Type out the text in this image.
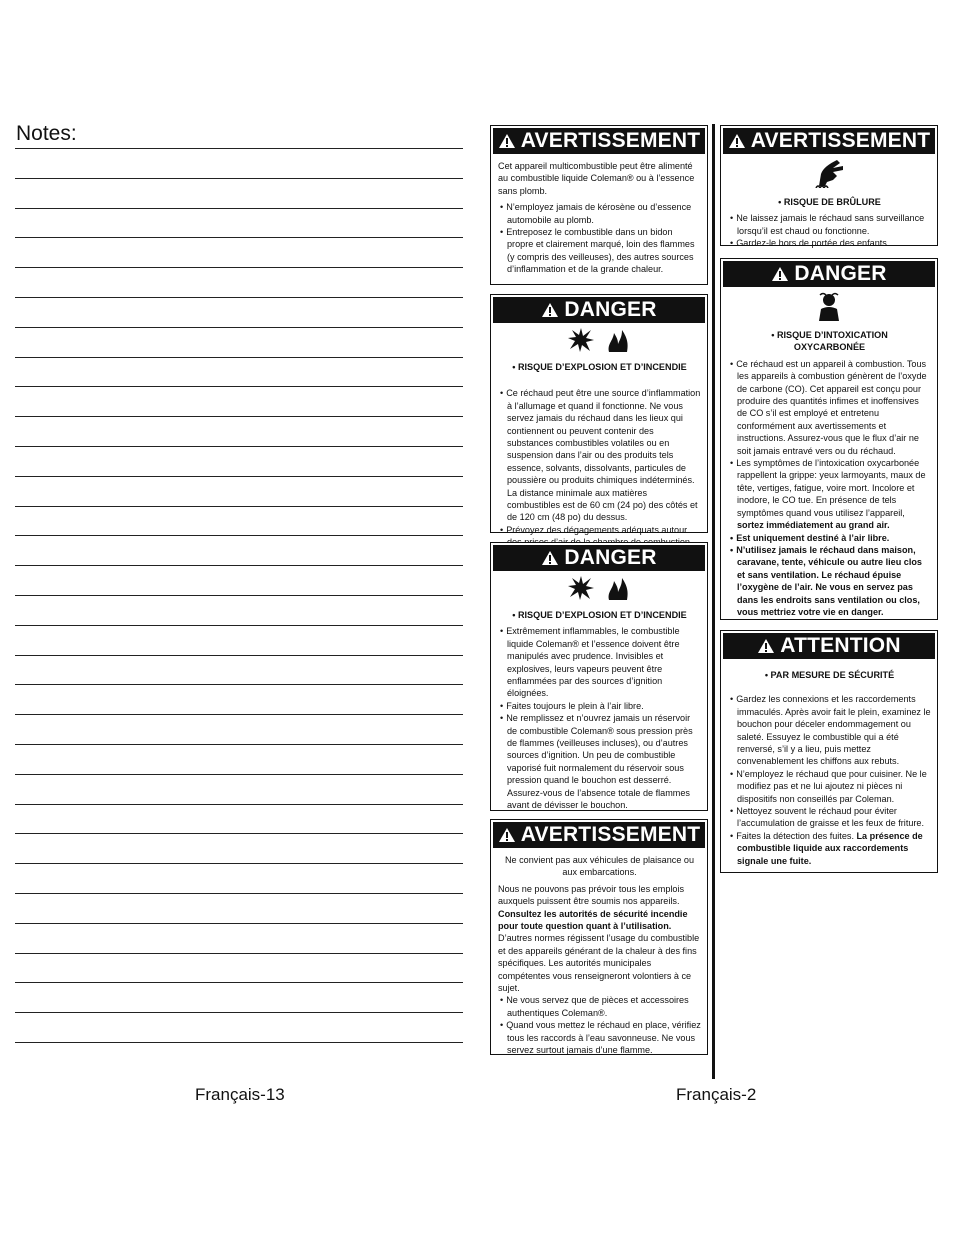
Notes:	AVERTISSEMENT

Cet appareil multicombustible peut être alimenté au combustible liquide Coleman® ou à l’essence sans plomb.

• N’employez jamais de kérosène ou d’essence automobile au plomb.
• Entreposez le combustible dans un bidon propre et clairement marqué, loin des flammes (y compris des veilleuses), des autres sources d’inflammation et de la grande chaleur.
DANGER
• RISQUE D’EXPLOSION ET D’INCENDIE
• Ce réchaud peut être une source d’inflammation à l’allumage et quand il fonctionne. Ne vous servez jamais du réchaud dans les lieux qui contiennent ou peuvent contenir des substances combustibles volatiles ou en suspension dans l’air ou des produits tels essence, solvants, dissolvants, particules de poussière ou produits chimiques indéterminés. La distance minimale aux matières combustibles est de 60 cm (24 po) des côtés et de 120 cm (48 po) du dessus.
• Prévoyez des dégagements adéquats autour
DANGER
• RISQUE D’EXPLOSION ET D’INCENDIE
• Extrêmement inflammables, le combustible liquide Coleman® et l’essence doivent être manipulés avec prudence. Invisibles et explosives, leurs vapeurs peuvent être enflammées par des sources d’ignition éloignées.
• Faites toujours le plein à l’air libre.
• Ne remplissez et n’ouvrez jamais un réservoir de combustible Coleman® sous pression près de flammes (veilleuses incluses), ou d’autres sources d’ignition. Un peu de combustible vaporisé fuit normalement du réservoir sous pression quand le bouchon est desserré. Assurez-vous de l’absence totale de flammes avant de dévisser le bouchon.
AVERTISSEMENT

Ne convient pas aux véhicules de plaisance ou aux embarcations.

Nous ne pouvons pas prévoir tous les emplois auxquels puissent être soumis nos appareils.

Consultez les autorités de sécurité incendie pour toute question quant à l’utilisation.

D’autres normes régissent l’usage du combustible et des appareils générant de la chaleur à des fins spécifiques. Les autorités municipales compétentes vous renseigneront volontiers à ce sujet.

• Ne vous servez que de pièces et accessoires authentiques Coleman®.
• Quand vous mettez le réchaud en place, vérifiez tous les raccords à l’eau savonneuse. Ne vous servez surtout jamais d’une flamme.
AVERTISSEMENT
• RISQUE DE BRÛLURE
• Ne laissez jamais le réchaud sans surveillance lorsqu’il est chaud ou fonctionne.
• Gardez-le hors de portée des enfants.
DANGER
• RISQUE D’INTOXICATION
OXYCARBONÉE
• Ce réchaud est un appareil à combustion. Tous les appareils à combustion génèrent de l’oxyde de carbone (CO). Cet appareil est conçu pour produire des quantités infimes et inoffensives de CO s’il est employé et entretenu conformément aux avertissements et instructions. Assurez-vous que le flux d’air ne soit jamais entravé vers ou du réchaud.
• Les symptômes de l’intoxication oxycarbonée rappellent la grippe: yeux larmoyants, maux de tête, vertiges, fatigue, voire mort. Incolore et inodore, le CO tue. En présence de tels symptômes quand vous utilisez l’appareil, sortez immédiatement au grand air.
• Est uniquement destiné à l’air libre.
• N’utilisez jamais le réchaud dans maison, caravane, tente, véhicule ou autre lieu clos et sans ventilation. Le réchaud épuise l’oxygène de l’air. Ne vous en servez pas dans les endroits sans ventilation ou clos, vous mettriez votre vie en danger.
ATTENTION
• PAR MESURE DE SÉCURITÉ
• Gardez les connexions et les raccordements immaculés. Après avoir fait le plein, examinez le bouchon pour déceler endommagement ou saleté. Essuyez le combustible qui a été renversé, s’il y a lieu, puis mettez convenablement les chiffons aux rebuts.
• N’employez le réchaud que pour cuisiner. Ne le modifiez pas et ne lui ajoutez ni pièces ni dispositifs non conseillés par Coleman.
• Nettoyez souvent le réchaud pour éviter l’accumulation de graisse et les feux de friture.
• Faites la détection des fuites. La présence de combustible liquide aux raccordements signale une fuite.
Français-13	Français-2
